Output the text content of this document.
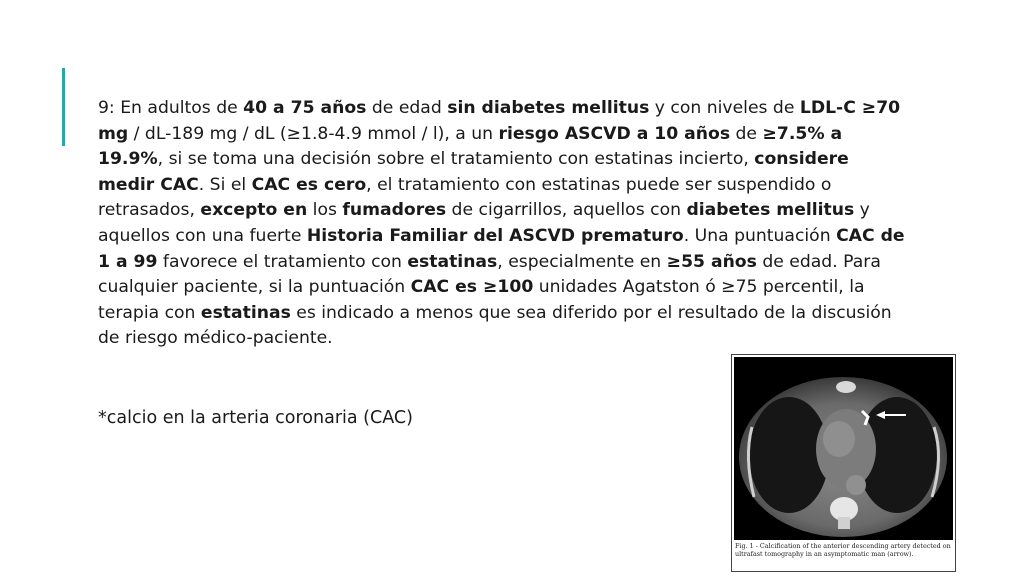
9: En adultos de 40 a 75 años de edad sin diabetes mellitus y con niveles de LDL-C ≥70 mg / dL-189 mg / dL (≥1.8-4.9 mmol / l), a un riesgo ASCVD a 10 años de ≥7.5% a 19.9%, si se toma una decisión sobre el tratamiento con estatinas incierto, considere medir CAC. Si el CAC es cero, el tratamiento con estatinas puede ser suspendido o retrasados, excepto en los fumadores de cigarrillos, aquellos con diabetes mellitus y aquellos con una fuerte Historia Familiar del ASCVD prematuro. Una puntuación CAC de 1 a 99 favorece el tratamiento con estatinas, especialmente en ≥55 años de edad. Para cualquier paciente, si la puntuación CAC es ≥100 unidades Agatston ó ≥75 percentil, la terapia con estatinas es indicado a menos que sea diferido por el resultado de la discusión de riesgo médico-paciente.

*calcio en la arteria coronaria (CAC)

Fig. 1 - Calcification of the anterior descending artery detected on ultrafast tomography in an asymptomatic man (arrow).
